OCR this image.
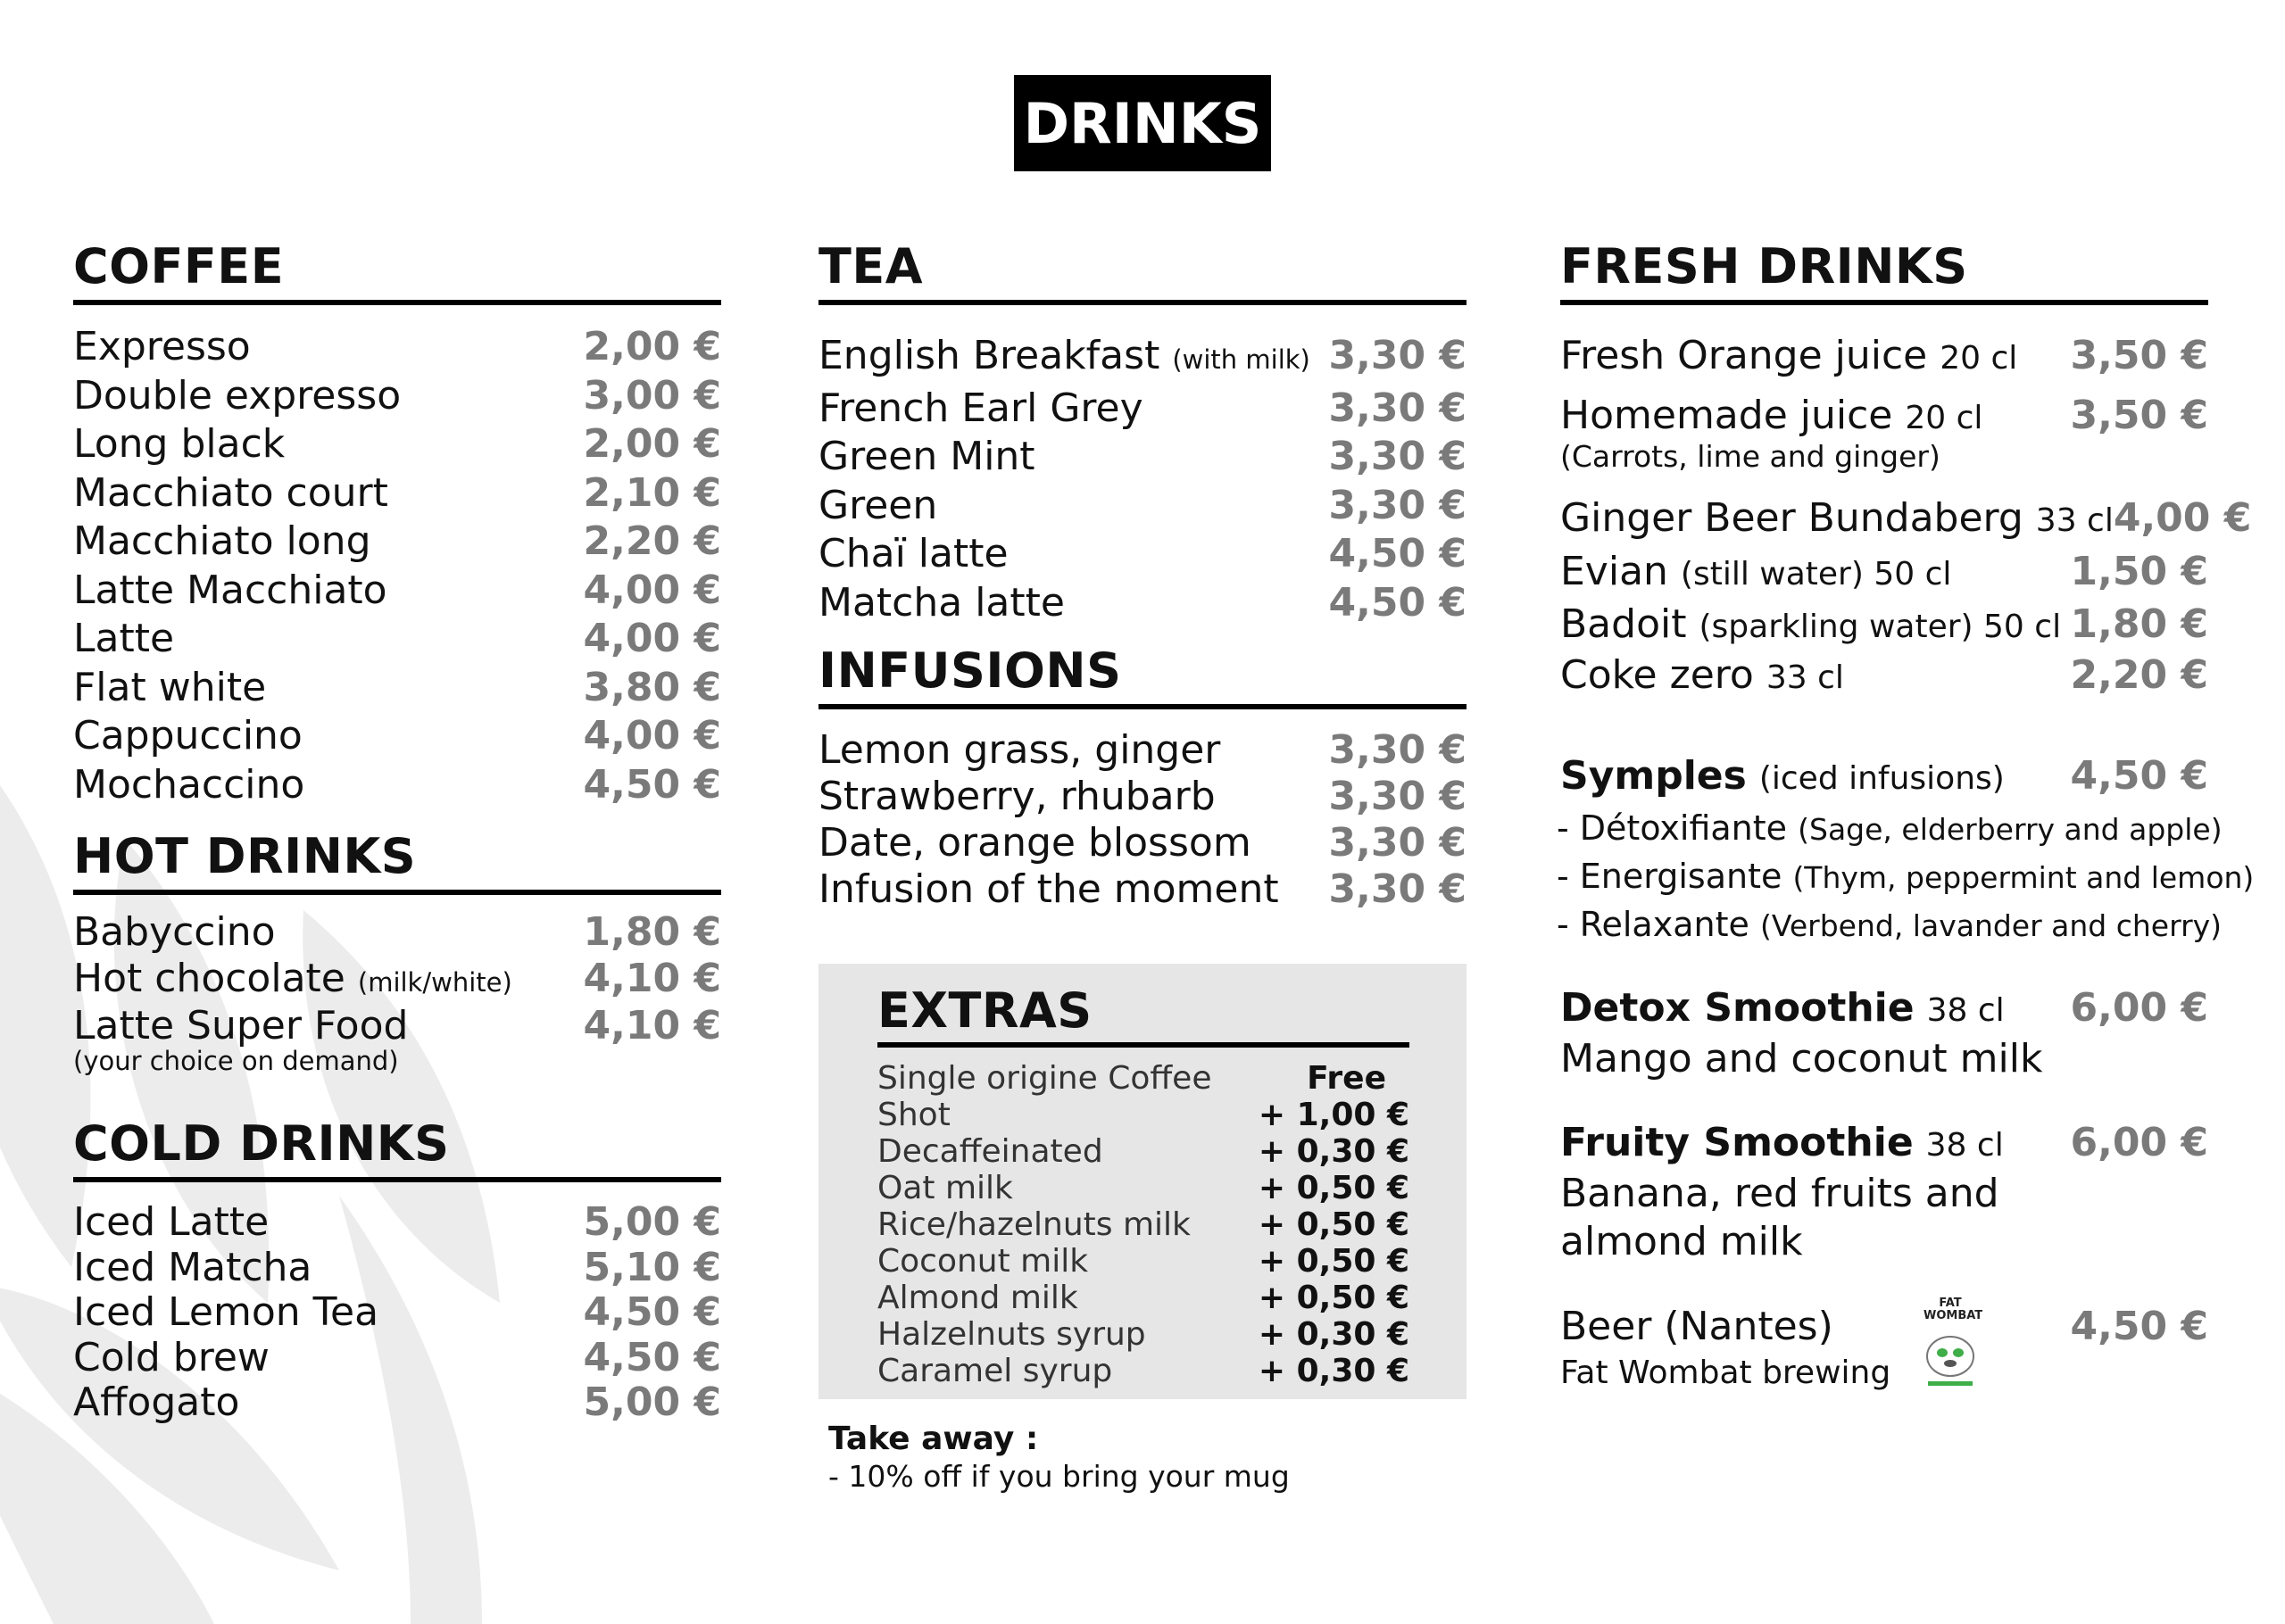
DRINKS
COFFEE
Expresso	2,00 €
Double expresso	3,00 €
Long black	2,00 €
Macchiato court	2,10 €
Macchiato long	2,20 €
Latte Macchiato	4,00 €
Latte	4,00 €
Flat white	3,80 €
Cappuccino	4,00 €
Mochaccino	4,50 €
HOT DRINKS
Babyccino	1,80 €
Hot chocolate (milk/white) 4,10 €
Latte Super Food	4,10 €
(your choice on demand)
COLD DRINKS
Iced Latte	5,00 €
Iced Matcha	5,10 €
Iced Lemon Tea	4,50 €
Cold brew	4,50 €
Affogato	5,00 €
TEA
English Breakfast (with milk) 3,30 €
French Earl Grey	3,30 €
Green Mint	3,30 €
Green	3,30 €
Chaï latte	4,50 €
Matcha latte	4,50 €
INFUSIONS
Lemon grass, ginger	3,30 €
Strawberry, rhubarb	3,30 €
Date, orange blossom 3,30 €
Infusion of the moment 3,30 €
EXTRAS
Single origine Coffee	Free
Shot	+ 1,00 €
Decaffeinated	+ 0,30 €
Oat milk	+ 0,50 €
Rice/hazelnuts milk + 0,50 €
Coconut milk	+ 0,50 €
Almond milk	+ 0,50 €
Halzelnuts syrup	+ 0,30 €
Caramel syrup	+ 0,30 €
Take away :
- 10% off if you bring your mug
FRESH DRINKS
Fresh Orange juice 20 cl 3,50 €
Homemade juice 20 cl 3,50 €
(Carrots, lime and ginger)
Ginger Beer Bundaberg 33 cl 4,00 €
Evian (still water) 50 cl	1,50 €
Badoit (sparkling water) 50 cl 1,80 €
Coke zero 33 cl	2,20 €
Symples (iced infusions) 4,50 €
- Détoxifiante (Sage, elderberry and apple)
- Energisante (Thym, peppermint and lemon)
- Relaxante (Verbend, lavander and cherry)
Detox Smoothie 38 cl 6,00 €
Mango and coconut milk
Fruity Smoothie 38 cl 6,00 €
Banana, red fruits and
almond milk
Beer (Nantes)	4,50 €
Fat Wombat brewing
FAT WOMBAT
